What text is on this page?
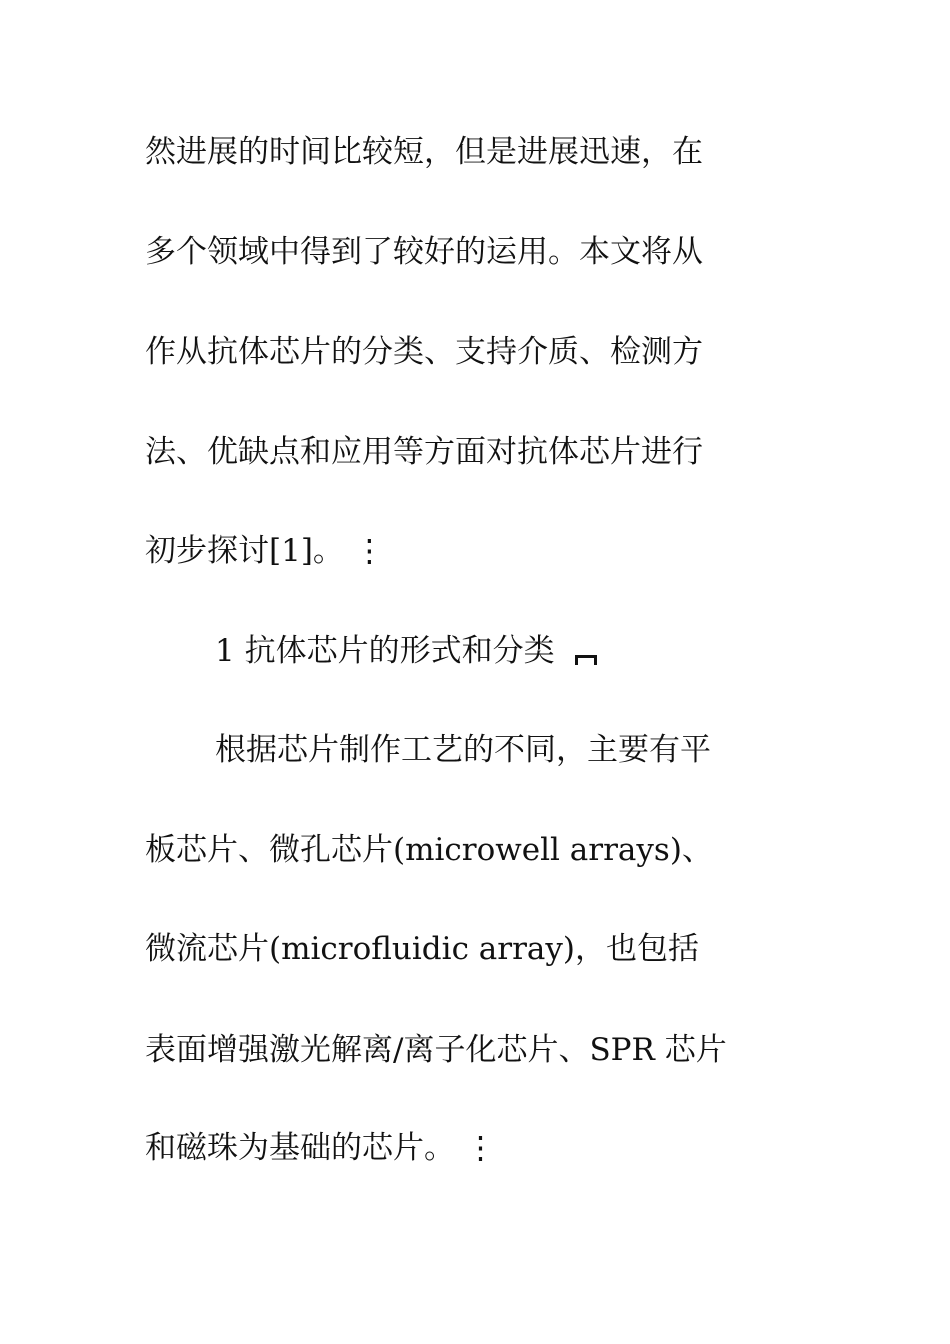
然进展的时间比较短，但是进展迅速，在
多个领域中得到了较好的运用。本文将从
作从抗体芯片的分类、支持介质、检测方
法、优缺点和应用等方面对抗体芯片进行
初步探讨[1]。 ⋮
1 抗体芯片的形式和分类
根据芯片制作工艺的不同，主要有平
板芯片、微孔芯片(microwell arrays)、
微流芯片(microfluidic array)，也包括
表面增强激光解离/离子化芯片、SPR 芯片
和磁珠为基础的芯片。 ⋮
